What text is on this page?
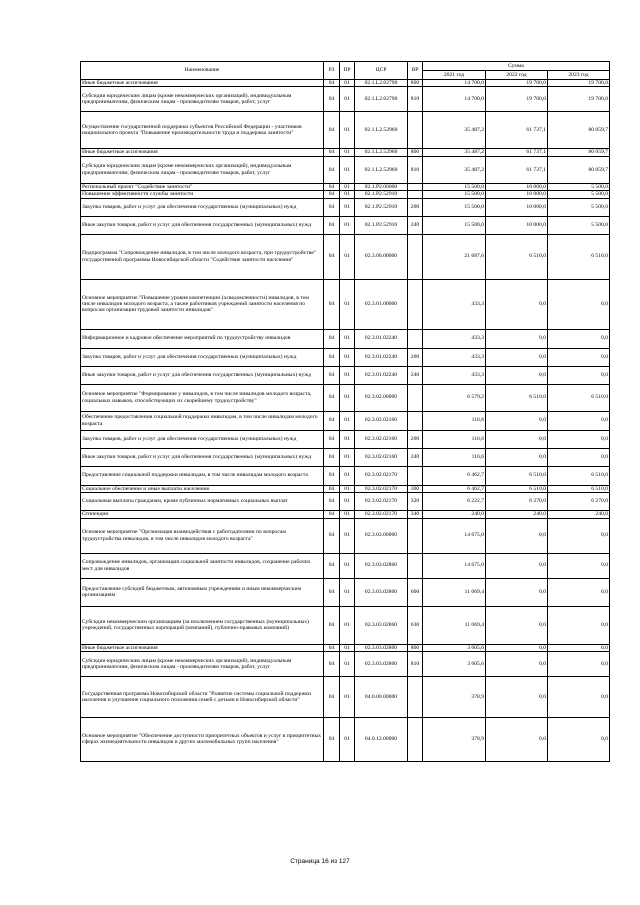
Наименование	РЗ	ПР	ЦСР	ВР	Сумма		
					2021 год	2022 год	2023 год
Иные бюджетные ассигнования	04	01	02.1.L2.02790	800	14 700,0	19 700,0	19 700,0
Субсидии юридическим лицам (кроме некоммерческих организаций), индивидуальным предпринимателям, физическим лицам - производителям товаров, работ, услуг	04	01	02.1.L2.02790	810	14 700,0	19 700,0	19 700,0
Осуществление государственной поддержки субъектов Российской Федерации - участников национального проекта "Повышение производительности труда и поддержка занятости"	04	01	02.1.L2.52960		35 487,2	61 737,1	80 059,7
Иные бюджетные ассигнования	04	01	02.1.L2.52960	800	35 487,2	61 737,1	80 059,7
Субсидии юридическим лицам (кроме некоммерческих организаций), индивидуальным предпринимателям, физическим лицам - производителям товаров, работ, услуг	04	01	02.1.L2.52960	810	35 487,2	61 737,1	80 059,7
Региональный проект "Содействие занятости"	04	01	02.1.P2.00000		15 500,0	10 000,0	5 500,0
Повышение эффективности службы занятости	04	01	02.1.P2.52910		15 500,0	10 000,0	5 500,0
Закупка товаров, работ и услуг для обеспечения государственных (муниципальных) нужд	04	01	02.1.P2.52910	200	15 500,0	10 000,0	5 500,0
Иные закупки товаров, работ и услуг для обеспечения государственных (муниципальных) нужд	04	01	02.1.P2.52910	240	15 500,0	10 000,0	5 500,0
Подпрограмма "Сопровождение инвалидов, в том числе молодого возраста, при трудоустройстве" государственной программы Новосибирской области "Содействие занятости населения"	04	01	02.3.00.00000		21 687,6	6 510,0	6 510,0
Основное мероприятие "Повышение уровня компетенции (осведомленности) инвалидов, в том числе инвалидов молодого возраста, а также работников учреждений занятости населения по вопросам организации трудовой занятости инвалидов"	04	01	02.3.01.00000		433,3	0,0	0,0
Информационное и кадровое обеспечение мероприятий по трудоустройству инвалидов	04	01	02.3.01.02240		433,3	0,0	0,0
Закупка товаров, работ и услуг для обеспечения государственных (муниципальных) нужд	04	01	02.3.01.02240	200	433,3	0,0	0,0
Иные закупки товаров, работ и услуг для обеспечения государственных (муниципальных) нужд	04	01	02.3.01.02240	240	433,3	0,0	0,0
Основное мероприятие "Формирование у инвалидов, в том числе инвалидов молодого возраста, социальных навыков, способствующих их скорейшему трудоустройству"	04	01	02.3.02.00000		6 579,2	6 510,0	6 510,0
Обеспечение предоставления социальной поддержки инвалидам, в том числе инвалидам молодого возраста	04	01	02.3.02.02160		116,6	0,0	0,0
Закупка товаров, работ и услуг для обеспечения государственных (муниципальных) нужд	04	01	02.3.02.02160	200	116,6	0,0	0,0
Иные закупки товаров, работ и услуг для обеспечения государственных (муниципальных) нужд	04	01	02.3.02.02160	240	116,6	0,0	0,0
Предоставление социальной поддержки инвалидам, в том числе инвалидам молодого возраста	04	01	02.3.02.02170		6 462,7	6 510,0	6 510,0
Социальное обеспечение и иные выплаты населению	04	01	02.3.02.02170	300	6 462,7	6 510,0	6 510,0
Социальные выплаты гражданам, кроме публичных нормативных социальных выплат	04	01	02.3.02.02170	320	6 222,7	6 270,0	6 270,0
Стипендии	04	01	02.3.02.02170	340	240,0	240,0	240,0
Основное мероприятие "Организация взаимодействия с работодателями по вопросам трудоустройства инвалидов, в том числе инвалидов молодого возраста"	04	01	02.3.03.00000		14 675,0	0,0	0,0
Сопровождение инвалидов, организация социальной занятости инвалидов, сохранение рабочих мест для инвалидов	04	01	02.3.03.02860		14 675,0	0,0	0,0
Предоставление субсидий бюджетным, автономным учреждениям и иным некоммерческим организациям	04	01	02.3.03.02860	600	11 069,4	0,0	0,0
Субсидии некоммерческим организациям (за исключением государственных (муниципальных) учреждений, государственных корпораций (компаний), публично-правовых компаний)	04	01	02.3.03.02860	630	11 069,4	0,0	0,0
Иные бюджетные ассигнования	04	01	02.3.03.02860	800	3 605,6	0,0	0,0
Субсидии юридическим лицам (кроме некоммерческих организаций), индивидуальным предпринимателям, физическим лицам - производителям товаров, работ, услуг	04	01	02.3.03.02860	810	3 605,6	0,0	0,0
Государственная программа Новосибирской области "Развитие системы социальной поддержки населения и улучшение социального положения семей с детьми в Новосибирской области"	04	01	04.0.00.00000		378,9	0,0	0,0
Основное мероприятие "Обеспечение доступности приоритетных объектов и услуг в приоритетных сферах жизнедеятельности инвалидов и других маломобильных групп населения"	04	01	04.0.12.00000		378,9	0,0	0,0
Страница 16 из 127
